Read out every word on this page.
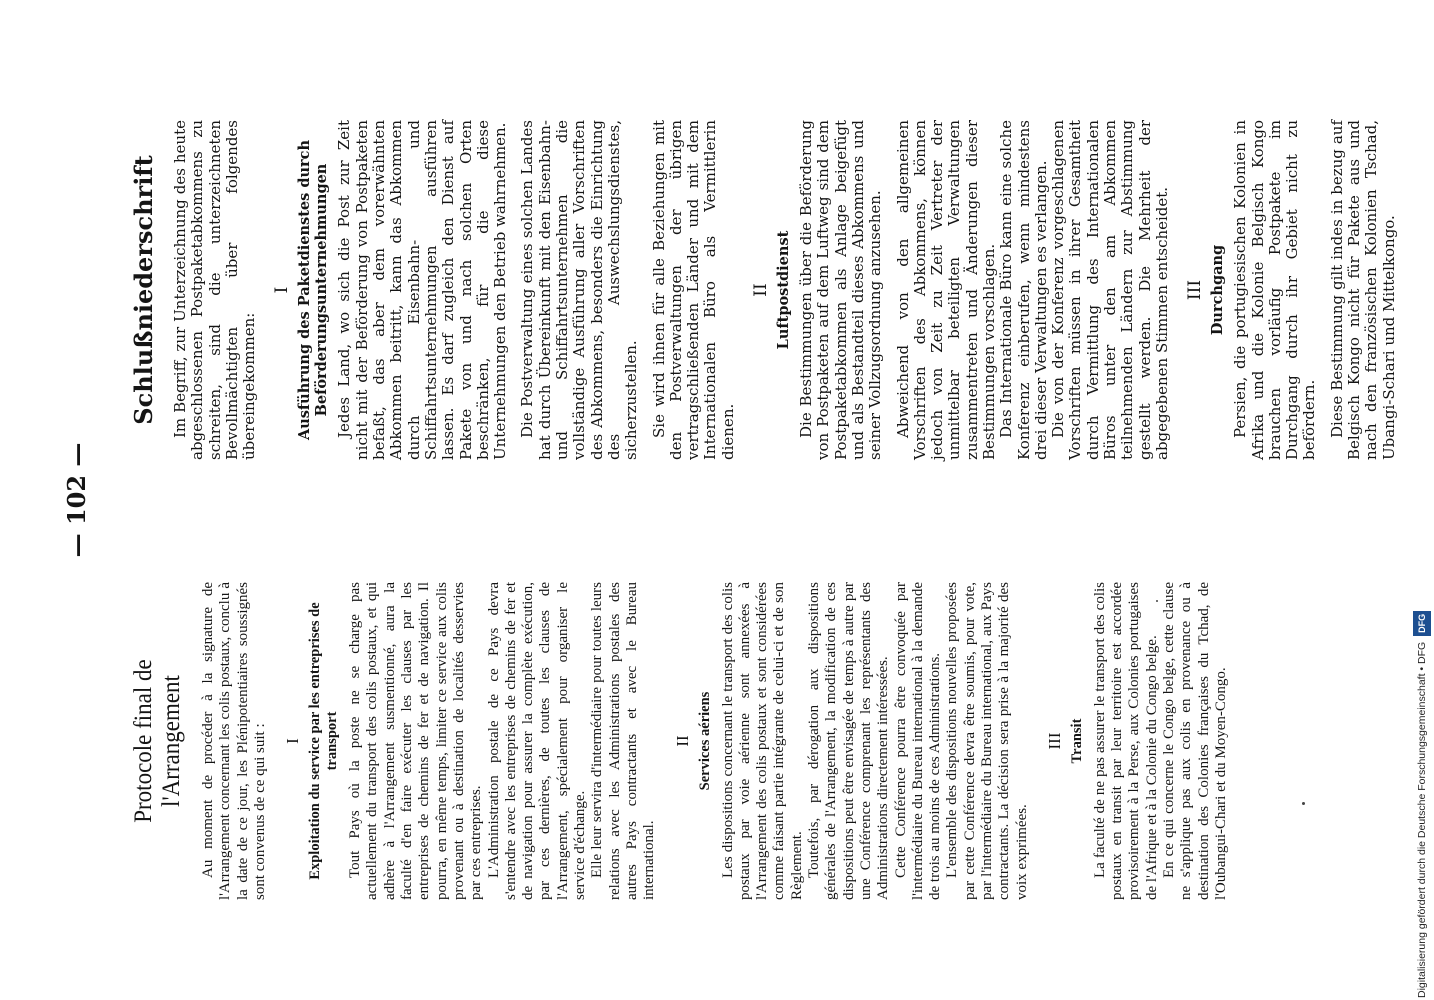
— 102 —
Protocole final de l'Arrangement Au moment de procéder à la signature de l'Arrangement concernant les colis postaux, conclu à la date de ce jour, les Plénipotentiaires soussignés sont convenus de ce qui suit : I Exploitation du service par les entreprises de transport Tout Pays où la poste ne se charge pas actuellement du transport des colis postaux, et qui adhère à l'Arrangement susmentionné, aura la faculté d'en faire exécuter les clauses par les entreprises de chemins de fer et de navigation. Il pourra, en même temps, limiter ce service aux colis provenant ou à destination de localités desservies par ces entreprises. L'Administration postale de ce Pays devra s'entendre avec les entreprises de chemins de fer et de navigation pour assurer la complète exécution, par ces dernières, de toutes les clauses de l'Arrangement, spécialement pour organiser le service d'échange. Elle leur servira d'intermédiaire pour toutes leurs relations avec les Administrations postales des autres Pays contractants et avec le Bureau international.

II Services aériens Les dispositions concernant le transport des colis postaux par voie aérienne sont annexées à l'Arrangement des colis postaux et sont considérées comme faisant partie intégrante de celui-ci et de son Règlement. Toutefois, par dérogation aux dispositions générales de l'Arrangement, la modification de ces dispositions peut être envisagée de temps à autre par une Conférence comprenant les représentants des Administrations directement intéressées. Cette Conférence pourra être convoquée par l'intermédiaire du Bureau international à la demande de trois au moins de ces Administrations. L'ensemble des dispositions nouvelles proposées par cette Conférence devra être soumis, pour vote, par l'intermédiaire du Bureau international, aux Pays contractants. La décision sera prise à la majorité des voix exprimées.

III Transit La faculté de ne pas assurer le transport des colis postaux en transit par leur territoire est accordée provisoirement à la Perse, aux Colonies portugaises de l'Afrique et à la Colonie du Congo belge. En ce qui concerne le Congo belge, cette clause ne s'applique pas aux colis en provenance ou à destination des Colonies françaises du Tchad, de l'Oubangui-Chari et du Moyen-Congo.

Schlußniederschrift Im Begriff, zur Unterzeichnung des heute abgeschlossenen Postpaketabkommens zu schreiten, sind die unterzeichneten Bevollmächtigten über folgendes übereingekommen:

I Ausführung des Paketdienstes durch Beförderungsunternehmungen Jedes Land, wo sich die Post zur Zeit nicht mit der Beförderung von Postpaketen befaßt, das aber dem vorerwähnten Abkommen beitritt, kann das Abkommen durch Eisenbahn- und Schiffahrtsunternehmungen ausführen lassen. Es darf zugleich den Dienst auf Pakete von und nach solchen Orten beschränken, für die diese Unternehmungen den Betrieb wahrnehmen. Die Postverwaltung eines solchen Landes hat durch Übereinkunft mit den Eisenbahn- und Schiffahrtsunternehmen die vollständige Ausführung aller Vorschriften des Abkommens, besonders die Einrichtung des Auswechslungsdienstes, sicherzustellen. Sie wird ihnen für alle Beziehungen mit den Postverwaltungen der übrigen vertragschließenden Länder und mit dem Internationalen Büro als Vermittlerin dienen.

II Luftpostdienst Die Bestimmungen über die Beförderung von Postpaketen auf dem Luftweg sind dem Postpaketabkommen als Anlage beigefügt und als Bestandteil dieses Abkommens und seiner Vollzugsordnung anzusehen. Abweichend von den allgemeinen Vorschriften des Abkommens, können jedoch von Zeit zu Zeit Vertreter der unmittelbar beteiligten Verwaltungen zusammentreten und Änderungen dieser Bestimmungen vorschlagen. Das Internationale Büro kann eine solche Konferenz einberufen, wenn mindestens drei dieser Verwaltungen es verlangen. Die von der Konferenz vorgeschlagenen Vorschriften müssen in ihrer Gesamtheit durch Vermittlung des Internationalen Büros unter den am Abkommen teilnehmenden Ländern zur Abstimmung gestellt werden. Die Mehrheit der abgegebenen Stimmen entscheidet. III Durchgang Persien, die portugiesischen Kolonien in Afrika und die Kolonie Belgisch Kongo brauchen vorläufig Postpakete im Durchgang durch ihr Gebiet nicht zu befördern. Diese Bestimmung gilt indes in bezug auf Belgisch Kongo nicht für Pakete aus und nach den französischen Kolonien Tschad, Ubangi-Schari und Mittelkongo.

Digitalisierung gefördert durch die Deutsche Forschungsgemeinschaft • DFGDFG
